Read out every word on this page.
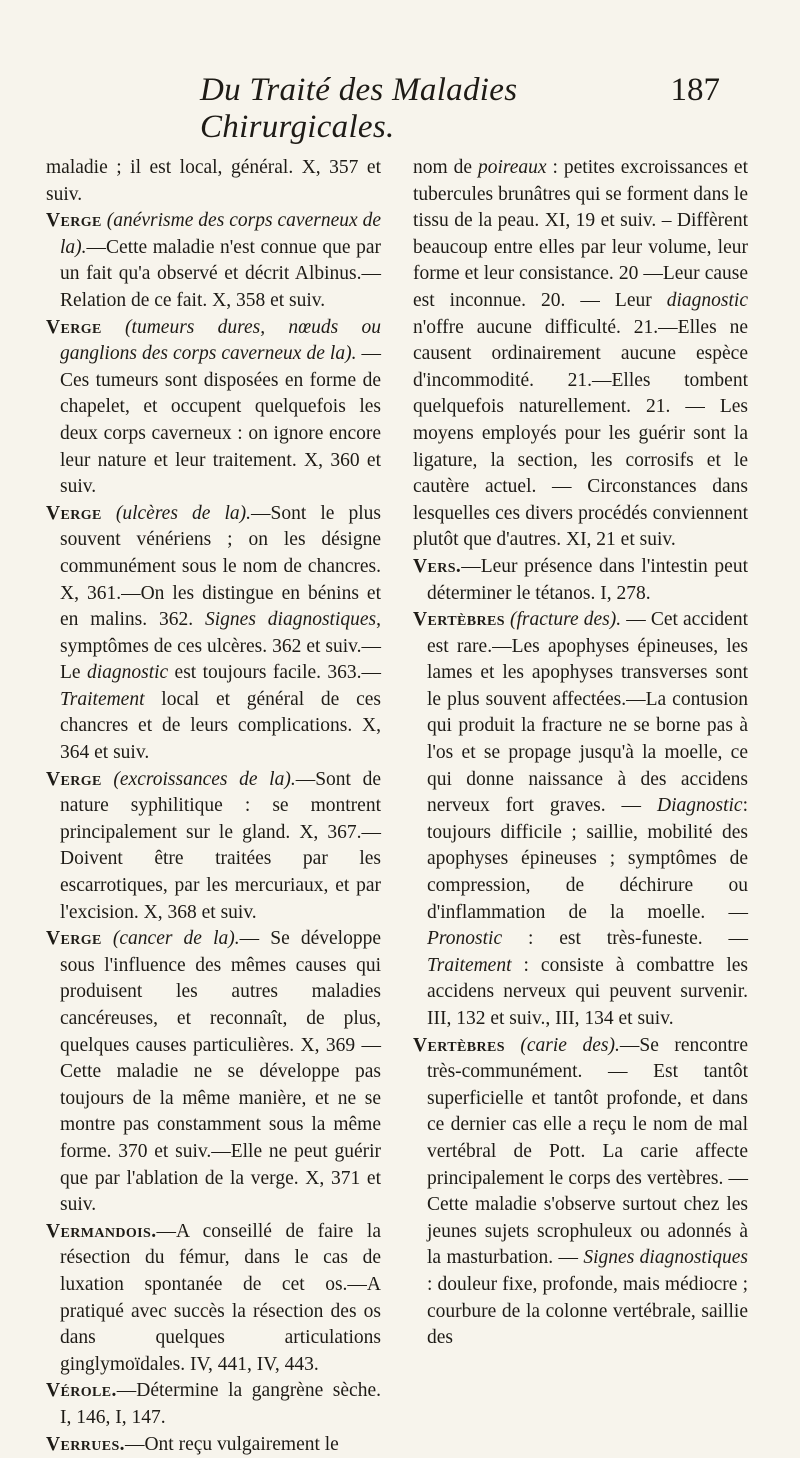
Du Traité des Maladies Chirurgicales.
187

maladie ; il est local, général. X, 357 et suiv.

Verge (anévrisme des corps caverneux de la).—Cette maladie n'est connue que par un fait qu'a observé et décrit Albinus.—Relation de ce fait. X, 358 et suiv.

Verge (tumeurs dures, nœuds ou ganglions des corps caverneux de la). — Ces tumeurs sont disposées en forme de chapelet, et occupent quelquefois les deux corps caverneux : on ignore encore leur nature et leur traitement. X, 360 et suiv.

Verge (ulcères de la).—Sont le plus souvent vénériens ; on les désigne communément sous le nom de chancres. X, 361.—On les distingue en bénins et en malins. 362. Signes diagnostiques, symptômes de ces ulcères. 362 et suiv.—Le diagnostic est toujours facile. 363.— Traitement local et général de ces chancres et de leurs complications. X, 364 et suiv.

Verge (excroissances de la).—Sont de nature syphilitique : se montrent principalement sur le gland. X, 367.—Doivent être traitées par les escarrotiques, par les mercuriaux, et par l'excision. X, 368 et suiv.

Verge (cancer de la).— Se développe sous l'influence des mêmes causes qui produisent les autres maladies cancéreuses, et reconnaît, de plus, quelques causes particulières. X, 369 — Cette maladie ne se développe pas toujours de la même manière, et ne se montre pas constamment sous la même forme. 370 et suiv.—Elle ne peut guérir que par l'ablation de la verge. X, 371 et suiv.

Vermandois.—A conseillé de faire la résection du fémur, dans le cas de luxation spontanée de cet os.—A pratiqué avec succès la résection des os dans quelques articulations ginglymoïdales. IV, 441, IV, 443.

Vérole.—Détermine la gangrène sèche. I, 146, I, 147.

Verrues.—Ont reçu vulgairement le

nom de poireaux : petites excroissances et tubercules brunâtres qui se forment dans le tissu de la peau. XI, 19 et suiv. – Diffèrent beaucoup entre elles par leur volume, leur forme et leur consistance. 20 —Leur cause est inconnue. 20. — Leur diagnostic n'offre aucune difficulté. 21.—Elles ne causent ordinairement aucune espèce d'incommodité. 21.—Elles tombent quelquefois naturellement. 21. — Les moyens employés pour les guérir sont la ligature, la section, les corrosifs et le cautère actuel. — Circonstances dans lesquelles ces divers procédés conviennent plutôt que d'autres. XI, 21 et suiv.

Vers.—Leur présence dans l'intestin peut déterminer le tétanos. I, 278.

Vertèbres (fracture des). — Cet accident est rare.—Les apophyses épineuses, les lames et les apophyses transverses sont le plus souvent affectées.—La contusion qui produit la fracture ne se borne pas à l'os et se propage jusqu'à la moelle, ce qui donne naissance à des accidens nerveux fort graves. — Diagnostic: toujours difficile ; saillie, mobilité des apophyses épineuses ; symptômes de compression, de déchirure ou d'inflammation de la moelle. — Pronostic : est très-funeste. — Traitement : consiste à combattre les accidens nerveux qui peuvent survenir. III, 132 et suiv., III, 134 et suiv.

Vertèbres (carie des).—Se rencontre très-communément. — Est tantôt superficielle et tantôt profonde, et dans ce dernier cas elle a reçu le nom de mal vertébral de Pott. La carie affecte principalement le corps des vertèbres. — Cette maladie s'observe surtout chez les jeunes sujets scrophuleux ou adonnés à la masturbation. — Signes diagnostiques : douleur fixe, profonde, mais médiocre ; courbure de la colonne vertébrale, saillie des
